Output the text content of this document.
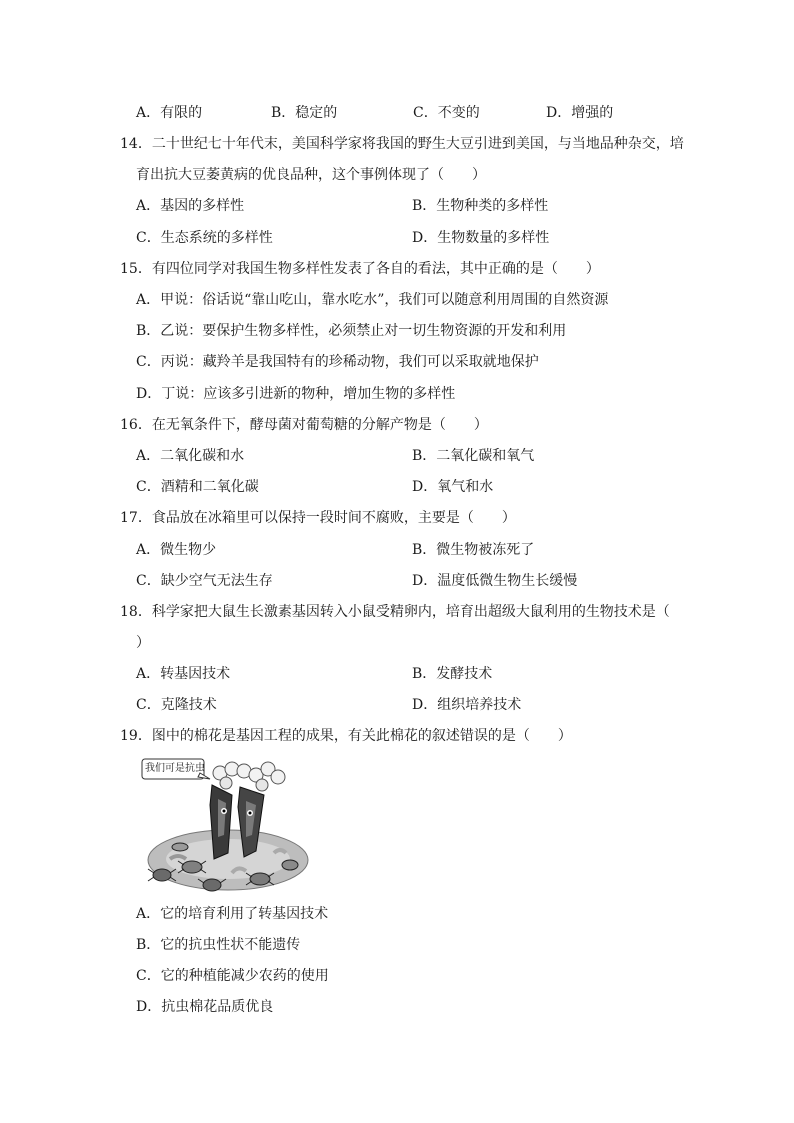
A．有限的	B．稳定的	C．不变的	D．增强的
14．二十世纪七十年代末，美国科学家将我国的野生大豆引进到美国，与当地品种杂交，培
育出抗大豆萎黄病的优良品种，这个事例体现了（　　）
A．基因的多样性	B．生物种类的多样性
C．生态系统的多样性	D．生物数量的多样性
15．有四位同学对我国生物多样性发表了各自的看法，其中正确的是（　　）
A．甲说：俗话说“靠山吃山，靠水吃水”，我们可以随意利用周围的自然资源
B．乙说：要保护生物多样性，必须禁止对一切生物资源的开发和利用
C．丙说：藏羚羊是我国特有的珍稀动物，我们可以采取就地保护
D．丁说：应该多引进新的物种，增加生物的多样性
16．在无氧条件下，酵母菌对葡萄糖的分解产物是（　　）
A．二氧化碳和水	B．二氧化碳和氧气
C．酒精和二氧化碳	D．氧气和水
17．食品放在冰箱里可以保持一段时间不腐败，主要是（　　）
A．微生物少	B．微生物被冻死了
C．缺少空气无法生存	D．温度低微生物生长缓慢
18．科学家把大鼠生长激素基因转入小鼠受精卵内，培育出超级大鼠利用的生物技术是（
）
A．转基因技术	B．发酵技术
C．克隆技术	D．组织培养技术
19．图中的棉花是基因工程的成果，有关此棉花的叙述错误的是（　　）
我们可是抗虫
A．它的培育利用了转基因技术
B．它的抗虫性状不能遗传
C．它的种植能减少农药的使用
D．抗虫棉花品质优良
